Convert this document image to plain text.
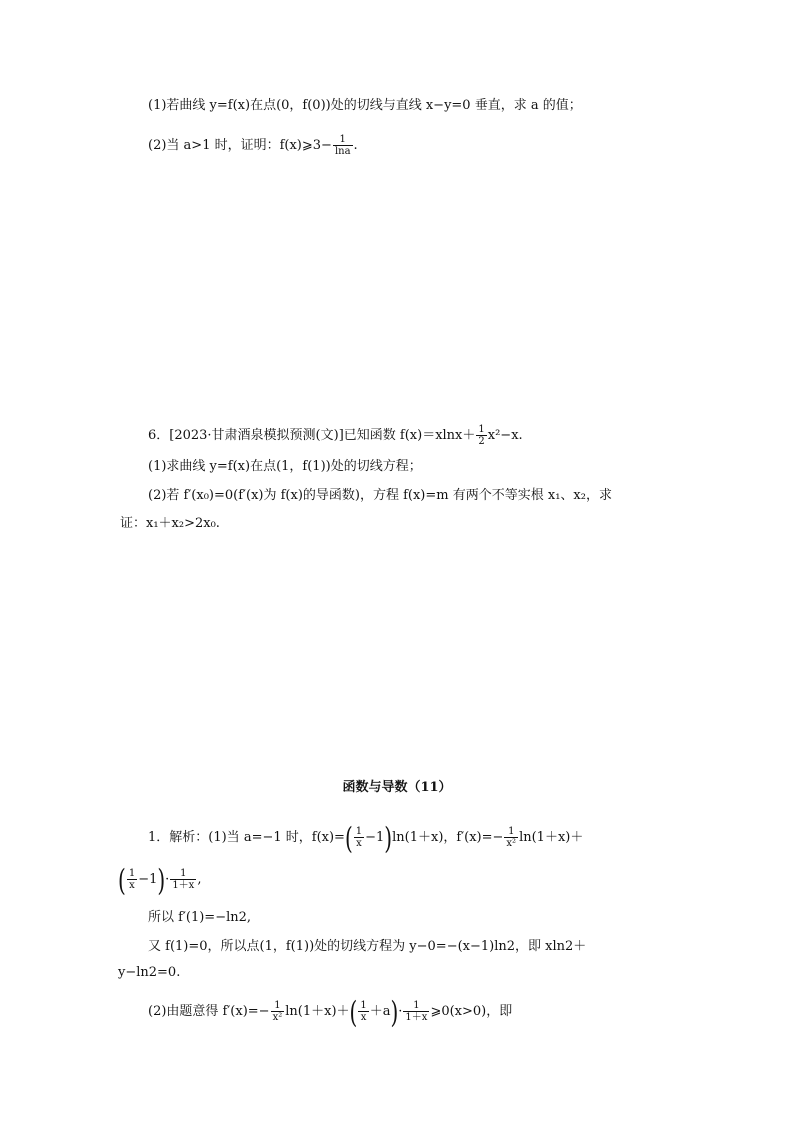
(1)若曲线 y=f(x)在点(0，f(0))处的切线与直线 x−y=0 垂直，求 a 的值；
(2)当 a>1 时，证明：f(x)⩾3− $\frac{1}{\ln a}$ .
6．[2023·甘肃酒泉模拟预测(文)]已知函数 $f(x)=xlnx+ \frac{1}{2} x^2-x$.
(1)求曲线 y=f(x)在点(1，f(1))处的切线方程；
(2)若 f′(x₀)=0(f′(x)为 f(x)的导函数)，方程 f(x)=m 有两个不等实根 x₁、x₂，求
证：x₁＋x₂>2x₀.
函数与导数（11）
1．解析：(1)当 a=−1 时，$f(x)=( \frac{1}{x} -1)\ln(1+x)$，$f'(x)=- \frac{1}{\text{x²}} \ln(1+x)+$
( $\frac{1}{x} -1)\cdot \frac{1}{1+x}$ ,
所以 f′(1)=−ln2,
又 f(1)=0，所以点(1，f(1))处的切线方程为 y−0=−(x−1)ln2，即 xln2＋
y−ln2=0.
(2)由题意得 $f'(x)=- \frac{1}{\text{x²}} \ln(1+x)+( \frac{1}{x} +a)\cdot \frac{1}{1+x}$ ⩾0(x>0)，即
